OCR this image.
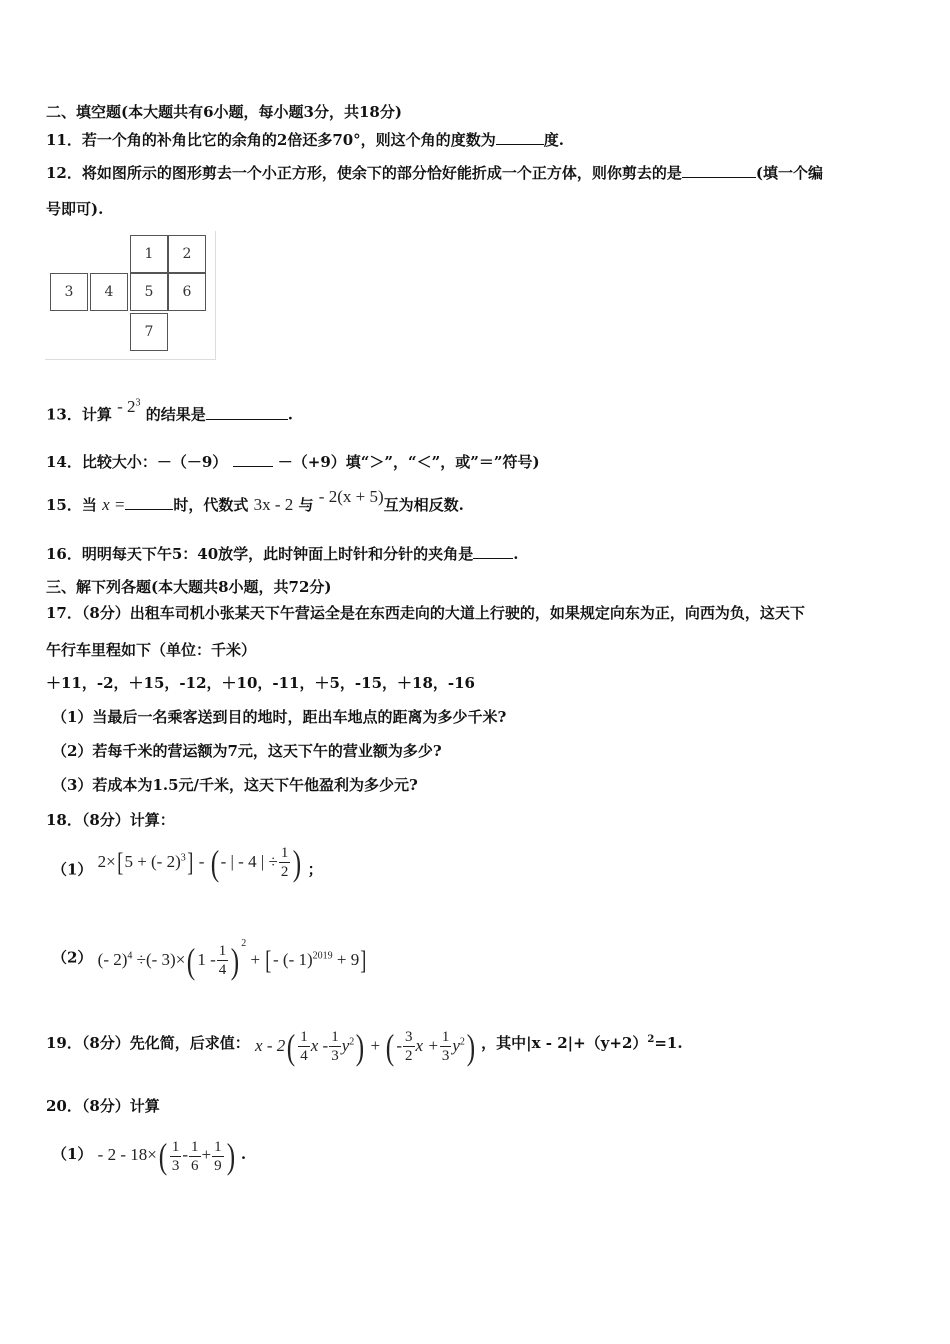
二、填空题(本大题共有6小题，每小题3分，共18分)
11．若一个角的补角比它的余角的2倍还多70°，则这个角的度数为	度.
12．将如图所示的图形剪去一个小正方形，使余下的部分恰好能折成一个正方体，则你剪去的是	(填一个编
号即可).
1	2
3	4	5	6
7
13．计算 - $2^3$ 的结果是	.
14．比较大小：－（－9）	－（+9）填“＞”，“＜”，或”＝”符号)
15．当 x =	时，代数式 3x - 2 与 - 2(x + 5)互为相反数.
16．明明每天下午5：40放学，此时钟面上时针和分针的夹角是	.
三、解下列各题(本大题共8小题，共72分)
17．（8分）出租车司机小张某天下午营运全是在东西走向的大道上行驶的，如果规定向东为正，向西为负，这天下
午行车里程如下（单位：千米）
＋11，-2，＋15，-12，＋10，-11，＋5，-15，＋18，-16
（1）当最后一名乘客送到目的地时，距出车地点的距离为多少千米?
（2）若每千米的营运额为7元，这天下午的营业额为多少?
（3）若成本为1.5元/千米，这天下午他盈利为多少元?
18．（8分）计算：
（1） 2×[5 + (- 2)$^3$] - ( - | - 4 | ÷ $\frac{1}{2}$ ) ；
（2） (- 2)$^4$ ÷(- 3)×( $1 - \frac{1}{4}$ ) $^2$ + [- (- 1)$^{2019}$ + 9]
19．（8分）先化简，后求值： x - $2( \frac{1}{4}$ x - $\frac{1}{3} y^2$) + ( - $\frac{3}{2}$ $x + \frac{1}{3} y^2$) ，其中$|x - 2|+(y+2)^2=1$.
20．（8分）计算
$(1) - 2 - 18\times( \frac{1}{3} - \frac{1}{6} + \frac{1}{9}$ ) .
